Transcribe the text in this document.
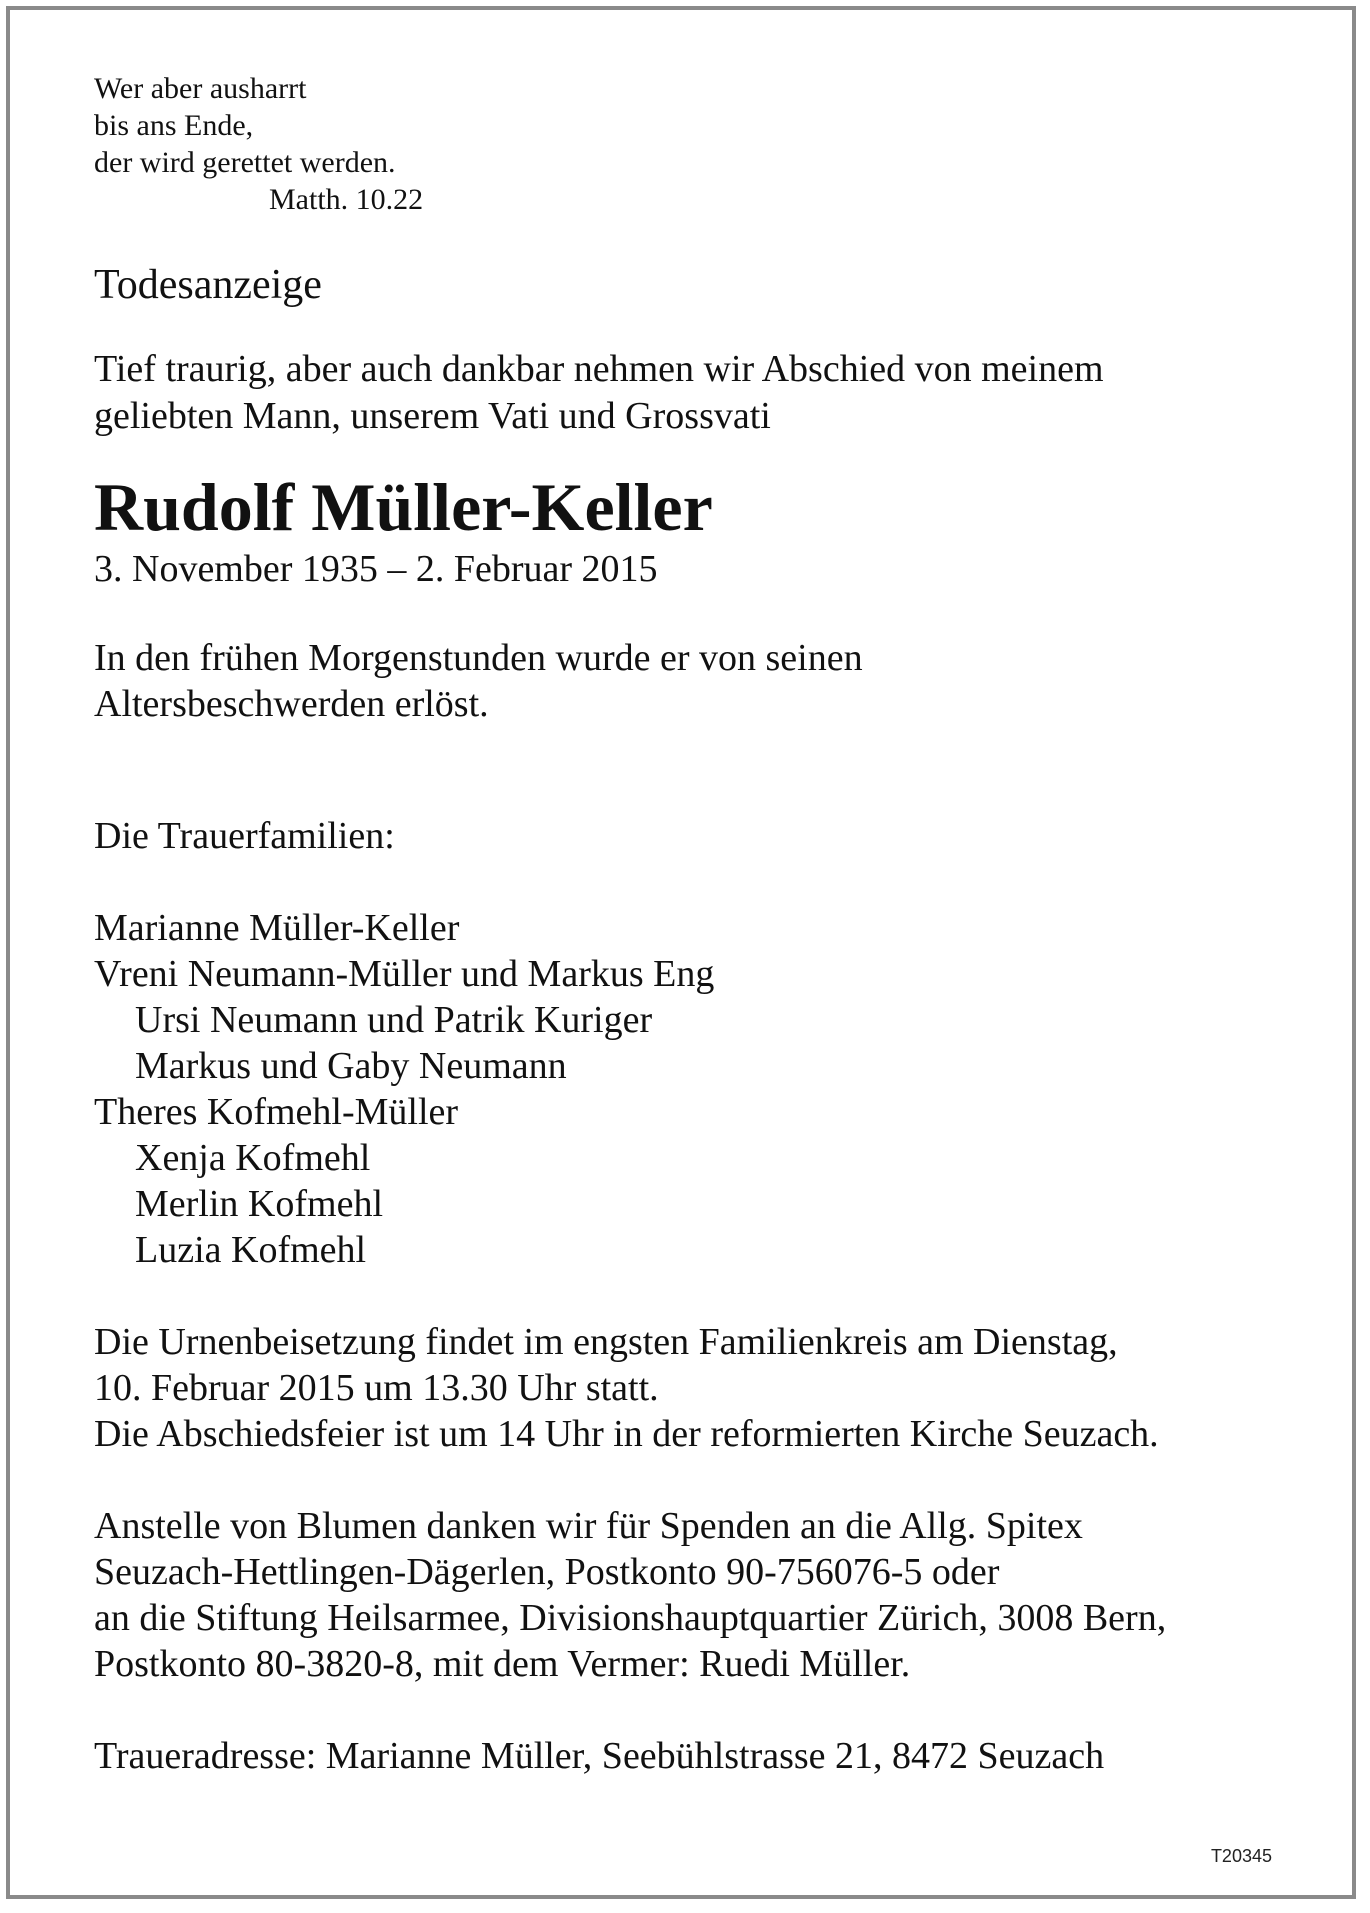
Wer aber ausharrt
bis ans Ende,
der wird gerettet werden.
Matth. 10.22
Todesanzeige
Tief traurig, aber auch dankbar nehmen wir Abschied von meinem
geliebten Mann, unserem Vati und Grossvati
Rudolf Müller-Keller
3. November 1935 – 2. Februar 2015
In den frühen Morgenstunden wurde er von seinen
Altersbeschwerden erlöst.
Die Trauerfamilien:
Marianne Müller-Keller
Vreni Neumann-Müller und Markus Eng
Ursi Neumann und Patrik Kuriger
Markus und Gaby Neumann
Theres Kofmehl-Müller
Xenja Kofmehl
Merlin Kofmehl
Luzia Kofmehl
Die Urnenbeisetzung findet im engsten Familienkreis am Dienstag,
10. Februar 2015 um 13.30 Uhr statt.
Die Abschiedsfeier ist um 14 Uhr in der reformierten Kirche Seuzach.
Anstelle von Blumen danken wir für Spenden an die Allg. Spitex
Seuzach-Hettlingen-Dägerlen, Postkonto 90-756076-5 oder
an die Stiftung Heilsarmee, Divisionshauptquartier Zürich, 3008 Bern,
Postkonto 80-3820-8, mit dem Vermer: Ruedi Müller.
Traueradresse: Marianne Müller, Seebühlstrasse 21, 8472 Seuzach
T20345
